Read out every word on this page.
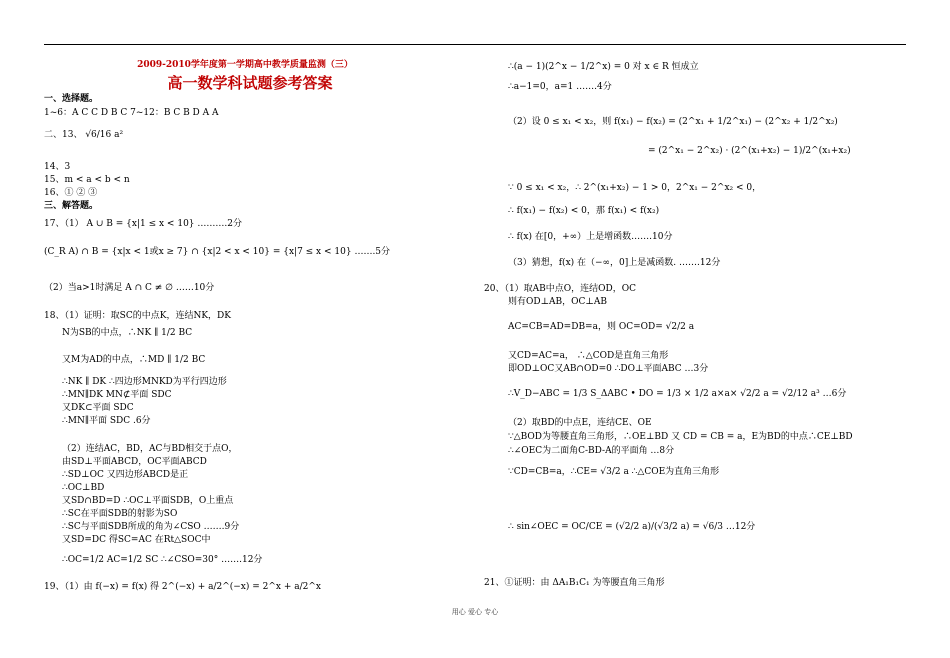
2009-2010学年度第一学期高中教学质量监测（三）
高一数学科试题参考答案
一、选择题。
1~6：A C C D B C 7~12：B C B D A A
二、13、 √6/16 a²
14、3
15、m < a < b < n
16、① ② ③
三、解答题。
17、（1） A ∪ B = {x|1 ≤ x < 10} ……….2分
(C_R A) ∩ B = {x|x < 1或x ≥ 7} ∩ {x|2 < x < 10} = {x|7 ≤ x < 10} …….5分
（2）当a>1时满足 A ∩ C ≠ ∅ ……10分
18、（1）证明：取SC的中点K，连结NK，DK
N为SB的中点，∴NK ∥ 1/2 BC
又M为AD的中点，∴MD ∥ 1/2 BC
∴NK ∥ DK ∴四边形MNKD为平行四边形
∴MN∥DK MN⊄平面 SDC
又DK⊂平面 SDC
∴MN∥平面 SDC .6分
（2）连结AC，BD，AC与BD相交于点O，
由SD⊥平面ABCD，OC平面ABCD
∴SD⊥OC 又四边形ABCD是正
∴OC⊥BD
又SD∩BD=D ∴OC⊥平面SDB，O上重点
∴SC在平面SDB的射影为SO
∴SC与平面SDB所成的角为∠CSO …….9分
又SD=DC 得SC=AC 在Rt△SOC中
∴OC=1/2 AC=1/2 SC ∴∠CSO=30° …….12分
19、（1）由 f(−x) = f(x) 得 2^(−x) + a/2^(−x) = 2^x + a/2^x
∴(a − 1)(2^x − 1/2^x) = 0 对 x ∈ R 恒成立
∴a−1=0，a=1 …….4分
（2）设 0 ≤ x₁ < x₂，则 f(x₁) − f(x₂) = (2^x₁ + 1/2^x₁) − (2^x₂ + 1/2^x₂)
= (2^x₁ − 2^x₂) · (2^(x₁+x₂) − 1)/2^(x₁+x₂)
∵ 0 ≤ x₁ < x₂，∴ 2^(x₁+x₂) − 1 > 0，2^x₁ − 2^x₂ < 0，
∴ f(x₁) − f(x₂) < 0，那 f(x₁) < f(x₂)
∴ f(x) 在[0，+∞）上是增函数…….10分
（3）猜想，f(x) 在（−∞，0]上是减函数. …….12分
20、（1）取AB中点O，连结OD，OC
则有OD⊥AB，OC⊥AB
AC=CB=AD=DB=a，则 OC=OD= √2/2 a
又CD=AC=a， ∴△COD是直角三角形
即OD⊥OC又AB∩OD=0 ∴DO⊥平面ABC …3分
∴V_D−ABC = 1/3 S_ΔABC • DO = 1/3 × 1/2 a×a× √2/2 a = √2/12 a³ …6分
（2）取BD的中点E，连结CE、OE
∵△BOD为等腰直角三角形，∴OE⊥BD 又 CD = CB = a，E为BD的中点∴CE⊥BD
∴∠OEC为二面角C-BD-A的平面角 …8分
∵CD=CB=a，∴CE= √3/2 a ∴△COE为直角三角形
∴ sin∠OEC = OC/CE = (√2/2 a)/(√3/2 a) = √6/3 …12分
21、①证明：由 ΔA₁B₁C₁ 为等腰直角三角形
用心 爱心 专心
